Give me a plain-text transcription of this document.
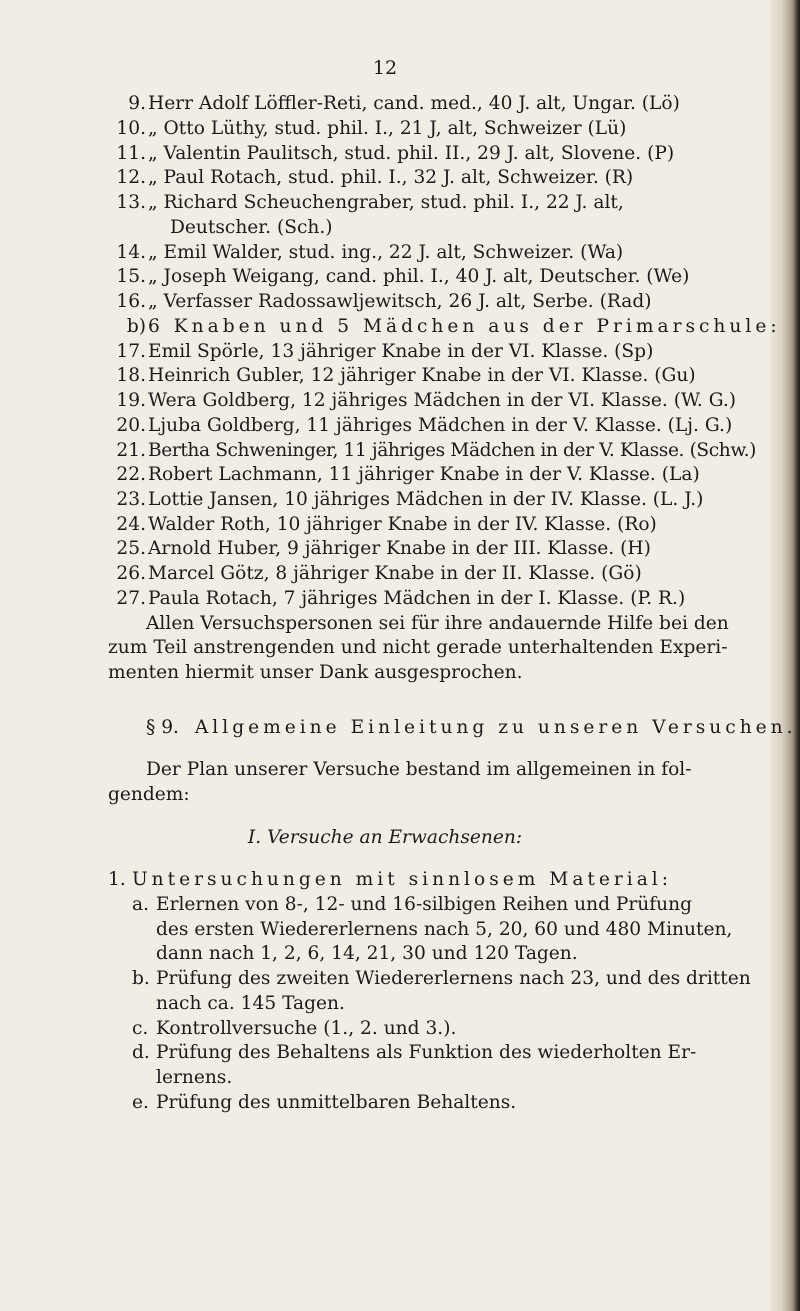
12
9. Herr Adolf Löffler-Reti, cand. med., 40 J. alt, Ungar. (Lö)
10. „ Otto Lüthy, stud. phil. I., 21 J, alt, Schweizer (Lü)
11. „ Valentin Paulitsch, stud. phil. II., 29 J. alt, Slovene. (P)
12. „ Paul Rotach, stud. phil. I., 32 J. alt, Schweizer. (R)
13. „ Richard Scheuchengraber, stud. phil. I., 22 J. alt,
Deutscher. (Sch.)
14. „ Emil Walder, stud. ing., 22 J. alt, Schweizer. (Wa)
15. „ Joseph Weigang, cand. phil. I., 40 J. alt, Deutscher. (We)
16. „ Verfasser Radossawljewitsch, 26 J. alt, Serbe. (Rad)
b) 6 Knaben und 5 Mädchen aus der Primarschule:
17. Emil Spörle, 13 jähriger Knabe in der VI. Klasse. (Sp)
18. Heinrich Gubler, 12 jähriger Knabe in der VI. Klasse. (Gu)
19. Wera Goldberg, 12 jähriges Mädchen in der VI. Klasse. (W. G.)
20. Ljuba Goldberg, 11 jähriges Mädchen in der V. Klasse. (Lj. G.)
21. Bertha Schweninger, 11 jähriges Mädchen in der V. Klasse. (Schw.)
22. Robert Lachmann, 11 jähriger Knabe in der V. Klasse. (La)
23. Lottie Jansen, 10 jähriges Mädchen in der IV. Klasse. (L. J.)
24. Walder Roth, 10 jähriger Knabe in der IV. Klasse. (Ro)
25. Arnold Huber, 9 jähriger Knabe in der III. Klasse. (H)
26. Marcel Götz, 8 jähriger Knabe in der II. Klasse. (Gö)
27. Paula Rotach, 7 jähriges Mädchen in der I. Klasse. (P. R.)
Allen Versuchspersonen sei für ihre andauernde Hilfe bei den
zum Teil anstrengenden und nicht gerade unterhaltenden Experi-
menten hiermit unser Dank ausgesprochen.
§ 9. Allgemeine Einleitung zu unseren Versuchen.
Der Plan unserer Versuche bestand im allgemeinen in fol-
gendem:
I. Versuche an Erwachsenen:
1. Untersuchungen mit sinnlosem Material:
a. Erlernen von 8-, 12- und 16-silbigen Reihen und Prüfung
des ersten Wiedererlernens nach 5, 20, 60 und 480 Minuten,
dann nach 1, 2, 6, 14, 21, 30 und 120 Tagen.
b. Prüfung des zweiten Wiedererlernens nach 23, und des dritten
nach ca. 145 Tagen.
c. Kontrollversuche (1., 2. und 3.).
d. Prüfung des Behaltens als Funktion des wiederholten Er-
lernens.
e. Prüfung des unmittelbaren Behaltens.
